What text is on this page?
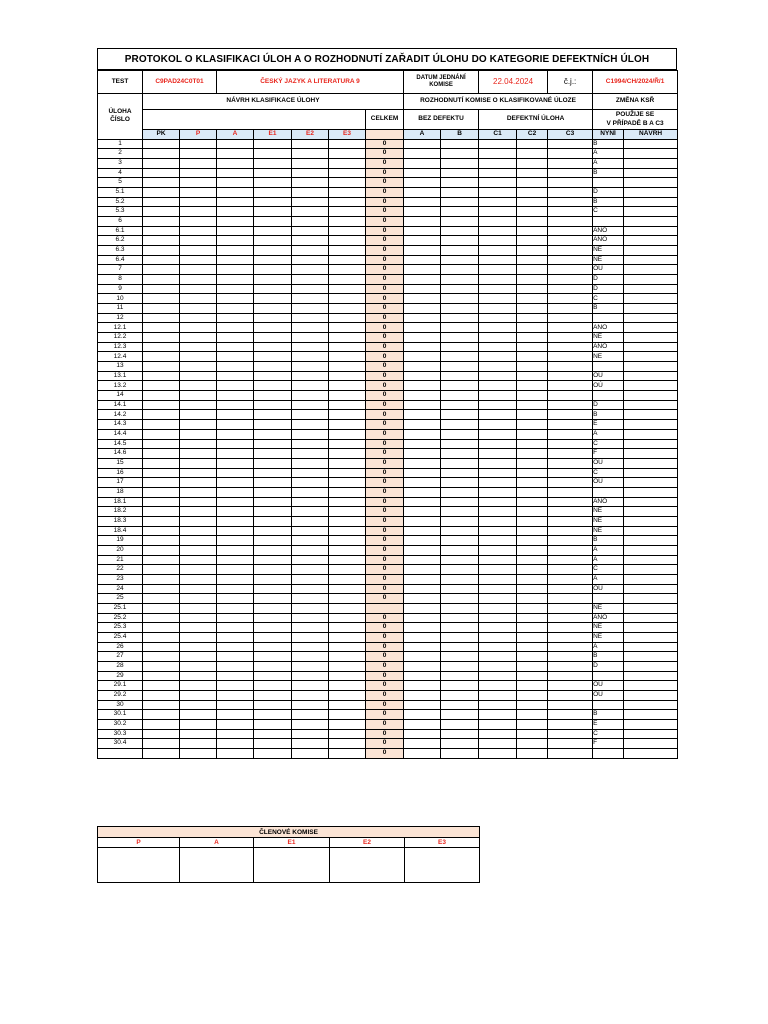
PROTOKOL O KLASIFIKACI ÚLOH A O ROZHODNUTÍ ZAŘADIT ÚLOHU DO KATEGORIE DEFEKTNÍCH ÚLOH
TEST	C9PAD24C0T01		ČESKÝ JAZYK A LITERATURA 9					DATUM JEDNÁNÍ
KOMISE		22.04.2024		č.j.:	C1994/CH/2024/Ř/1	
ÚLOHA
ČÍSLO	NÁVRH KLASIFIKACE ÚLOHY							ROZHODNUTÍ KOMISE O KLASIFIKOVANÉ ÚLOZE					ZMĚNA KSŘ	
							CELKEM	BEZ DEFEKTU		DEFEKTNÍ ÚLOHA			POUŽIJE SE
V PŘÍPADĚ B A C3	
	PK	P	A	E1	E2	E3		A	B	C1	C2	C3	NYNÍ	NÁVRH
1							0						B	
2							0						A	
3							0						A	
4							0						B	
5							0							
5.1							0						D	
5.2							0						B	
5.3							0						C	
6							0							
6.1							0						ANO	
6.2							0						ANO	
6.3							0						NE	
6.4							0						NE	
7							0						OÚ	
8							0						D	
9							0						D	
10							0						C	
11							0						B	
12							0							
12.1							0						ANO	
12.2							0						NE	
12.3							0						ANO	
12.4							0						NE	
13							0							
13.1							0						OÚ	
13.2							0						OÚ	
14							0							
14.1							0						D	
14.2							0						B	
14.3							0						E	
14.4							0						A	
14.5							0						C	
14.6							0						F	
15							0						OÚ	
16							0						C	
17							0						OÚ	
18							0							
18.1							0						ANO	
18.2							0						NE	
18.3							0						NE	
18.4							0						NE	
19							0						B	
20							0						A	
21							0						A	
22							0						C	
23							0						A	
24							0						OÚ	
25							0							
25.1													NE	
25.2							0						ANO	
25.3							0						NE	
25.4							0						NE	
26							0						A	
27							0						B	
28							0						D	
29							0							
29.1							0						OÚ	
29.2							0						OÚ	
30							0							
30.1							0						B	
30.2							0						E	
30.3							0						C	
30.4							0						F	
							0							
ČLENOVÉ KOMISE				
P	A	E1	E2	E3
